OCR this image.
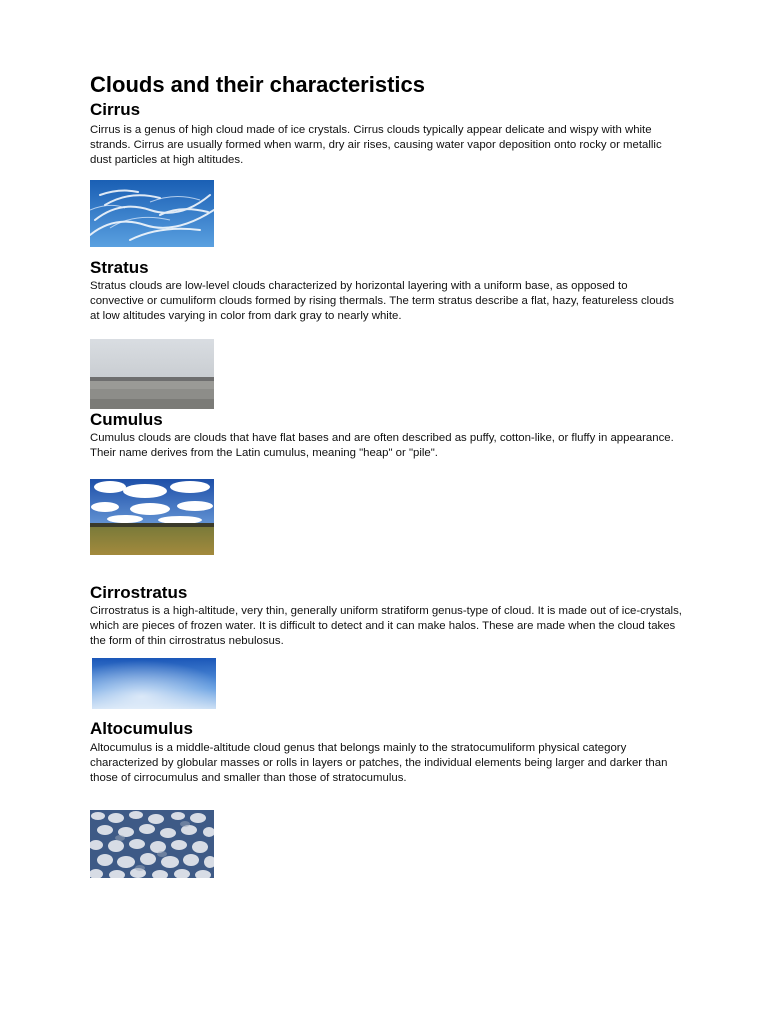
Clouds and their characteristics
Cirrus

Cirrus is a genus of high cloud made of ice crystals. Cirrus clouds typically appear delicate and wispy with white strands. Cirrus are usually formed when warm, dry air rises, causing water vapor deposition onto rocky or metallic dust particles at high altitudes.

Stratus

Stratus clouds are low-level clouds characterized by horizontal layering with a uniform base, as opposed to convective or cumuliform clouds formed by rising thermals. The term stratus describe a flat, hazy, featureless clouds at low altitudes varying in color from dark gray to nearly white.

Cumulus

Cumulus clouds are clouds that have flat bases and are often described as puffy, cotton-like, or fluffy in appearance. Their name derives from the Latin cumulus, meaning "heap" or "pile".

Cirrostratus

Cirrostratus is a high-altitude, very thin, generally uniform stratiform genus-type of cloud. It is made out of ice-crystals, which are pieces of frozen water. It is difficult to detect and it can make halos. These are made when the cloud takes the form of thin cirrostratus nebulosus.

Altocumulus

Altocumulus is a middle-altitude cloud genus that belongs mainly to the stratocumuliform physical category characterized by globular masses or rolls in layers or patches, the individual elements being larger and darker than those of cirrocumulus and smaller than those of stratocumulus.
